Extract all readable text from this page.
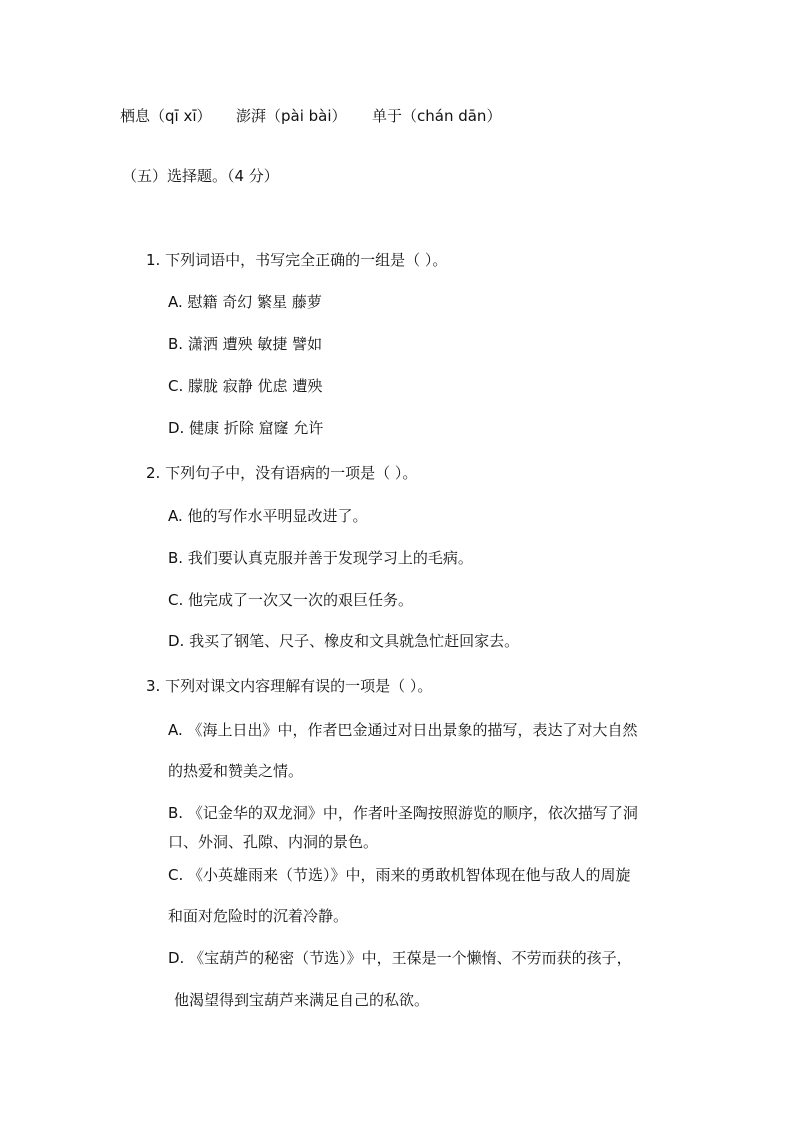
栖息（qī xī） 澎湃（pài bài） 单于（chán dān）
（五）选择题。（4 分）
1. 下列词语中，书写完全正确的一组是（ ）。
A. 慰籍 奇幻 繁星 藤萝
B. 潇洒 遭殃 敏捷 譬如
C. 朦胧 寂静 优虑 遭殃
D. 健康 折除 窟窿 允许
2. 下列句子中，没有语病的一项是（ ）。
A. 他的写作水平明显改进了。
B. 我们要认真克服并善于发现学习上的毛病。
C. 他完成了一次又一次的艰巨任务。
D. 我买了钢笔、尺子、橡皮和文具就急忙赶回家去。
3. 下列对课文内容理解有误的一项是（ ）。
A. 《海上日出》中，作者巴金通过对日出景象的描写，表达了对大自然
的热爱和赞美之情。
B. 《记金华的双龙洞》中，作者叶圣陶按照游览的顺序，依次描写了洞
口、外洞、孔隙、内洞的景色。
C. 《小英雄雨来（节选）》中，雨来的勇敢机智体现在他与敌人的周旋
和面对危险时的沉着冷静。
D. 《宝葫芦的秘密（节选）》中，王葆是一个懒惰、不劳而获的孩子，
他渴望得到宝葫芦来满足自己的私欲。
